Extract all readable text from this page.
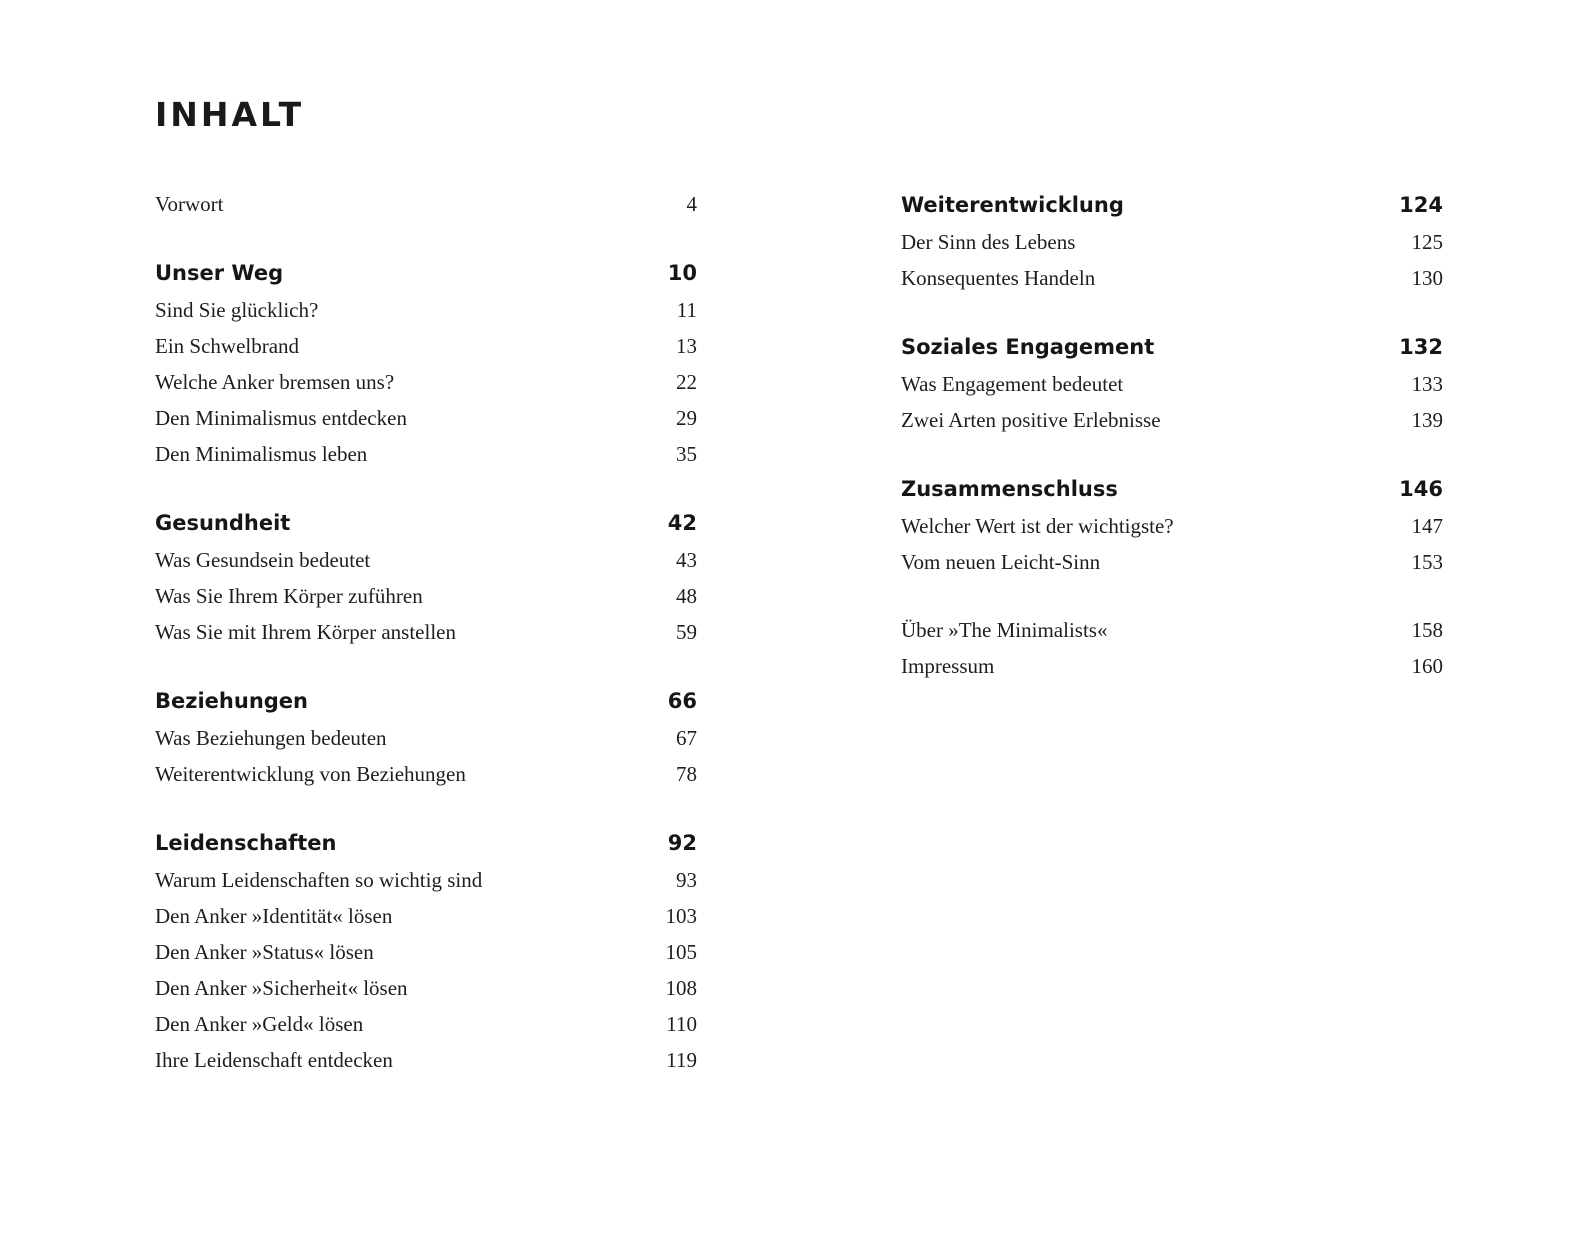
INHALT
Vorwort	4
Unser Weg	10
Sind Sie glücklich?	11
Ein Schwelbrand	13
Welche Anker bremsen uns?	22
Den Minimalismus entdecken	29
Den Minimalismus leben	35
Gesundheit	42
Was Gesundsein bedeutet	43
Was Sie Ihrem Körper zuführen	48
Was Sie mit Ihrem Körper anstellen	59
Beziehungen	66
Was Beziehungen bedeuten	67
Weiterentwicklung von Beziehungen	78
Leidenschaften	92
Warum Leidenschaften so wichtig sind	93
Den Anker »Identität« lösen	103
Den Anker »Status« lösen	105
Den Anker »Sicherheit« lösen	108
Den Anker »Geld« lösen	110
Ihre Leidenschaft entdecken	119
Weiterentwicklung	124
Der Sinn des Lebens	125
Konsequentes Handeln	130
Soziales Engagement	132
Was Engagement bedeutet	133
Zwei Arten positive Erlebnisse	139
Zusammenschluss	146
Welcher Wert ist der wichtigste?	147
Vom neuen Leicht-Sinn	153
Über »The Minimalists«	158
Impressum	160
